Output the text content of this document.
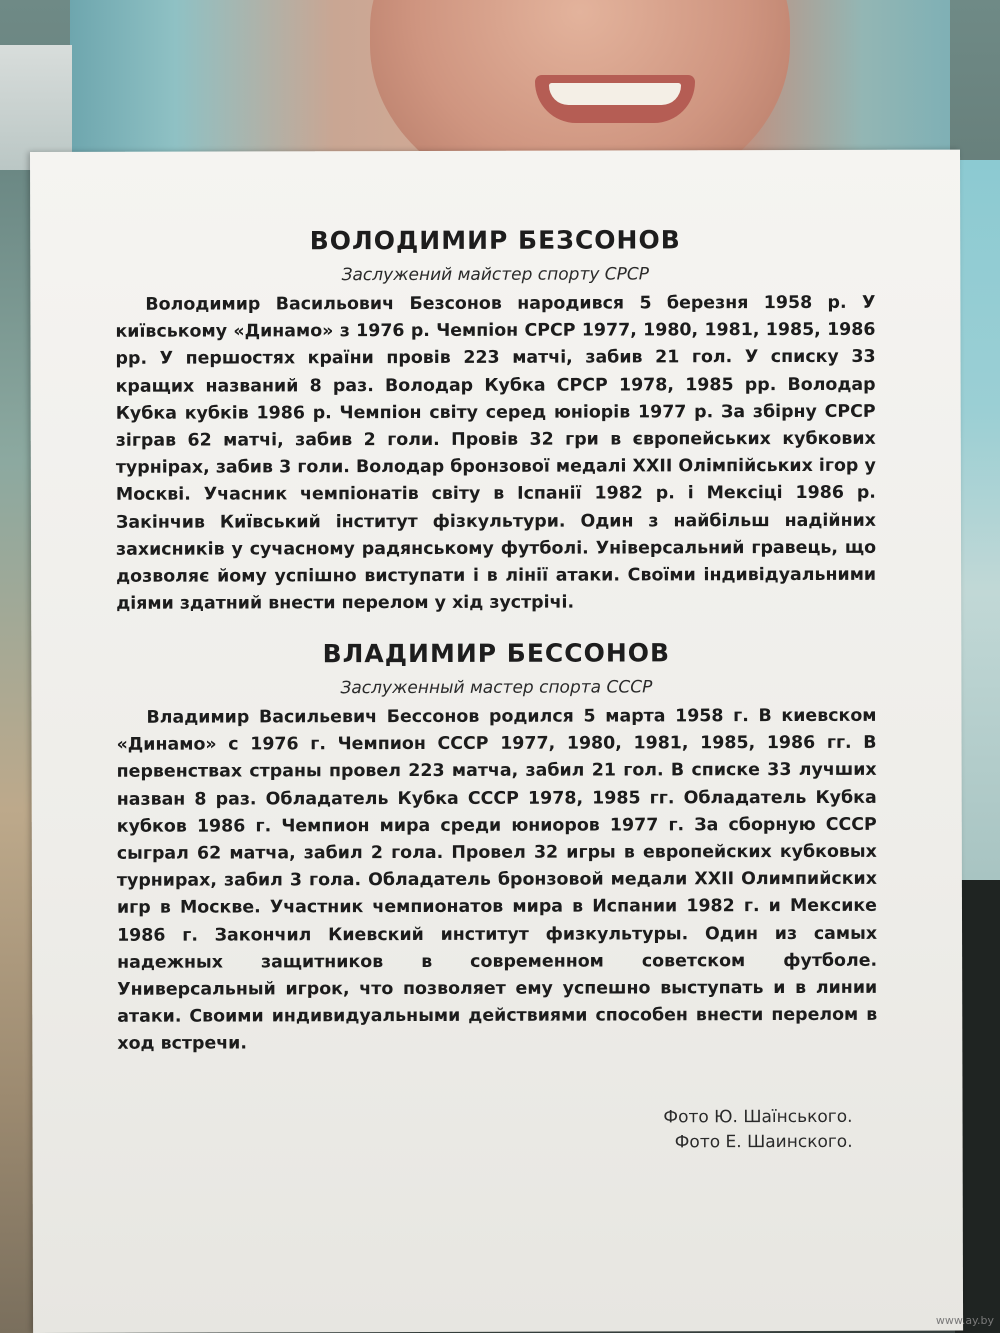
ВОЛОДИМИР БЕЗСОНОВ
Заслужений майстер спорту СРСР

Володимир Васильович Безсонов народився 5 березня 1958 р. У київському «Динамо» з 1976 р. Чемпіон СРСР 1977, 1980, 1981, 1985, 1986 рр. У першостях країни провів 223 матчі, забив 21 гол. У списку 33 кращих названий 8 раз. Володар Кубка СРСР 1978, 1985 рр. Володар Кубка кубків 1986 р. Чемпіон світу серед юніорів 1977 р. За збірну СРСР зіграв 62 матчі, забив 2 голи. Провів 32 гри в європейських кубкових турнірах, забив 3 голи. Володар бронзової медалі XXII Олімпійських ігор у Москві. Учасник чемпіонатів світу в Іспанії 1982 р. і Мексіці 1986 р. Закінчив Київський інститут фізкультури. Один з найбільш надійних захисників у сучасному радянському футболі. Універсальний гравець, що дозволяє йому успішно виступати і в лінії атаки. Своїми індивідуальними діями здатний внести перелом у хід зустрічі.

ВЛАДИМИР БЕССОНОВ
Заслуженный мастер спорта СССР

Владимир Васильевич Бессонов родился 5 марта 1958 г. В киевском «Динамо» с 1976 г. Чемпион СССР 1977, 1980, 1981, 1985, 1986 гг. В первенствах страны провел 223 матча, забил 21 гол. В списке 33 лучших назван 8 раз. Обладатель Кубка СССР 1978, 1985 гг. Обладатель Кубка кубков 1986 г. Чемпион мира среди юниоров 1977 г. За сборную СССР сыграл 62 матча, забил 2 гола. Провел 32 игры в европейских кубковых турнирах, забил 3 гола. Обладатель бронзовой медали XXII Олимпийских игр в Москве. Участник чемпионатов мира в Испании 1982 г. и Мексике 1986 г. Закончил Киевский институт физкультуры. Один из самых надежных защитников в современном советском футболе. Универсальный игрок, что позволяет ему успешно выступать и в линии атаки. Своими индивидуальными действиями способен внести перелом в ход встречи.

Фото Ю. Шаїнського.
Фото Е. Шаинского.
www.ay.by
